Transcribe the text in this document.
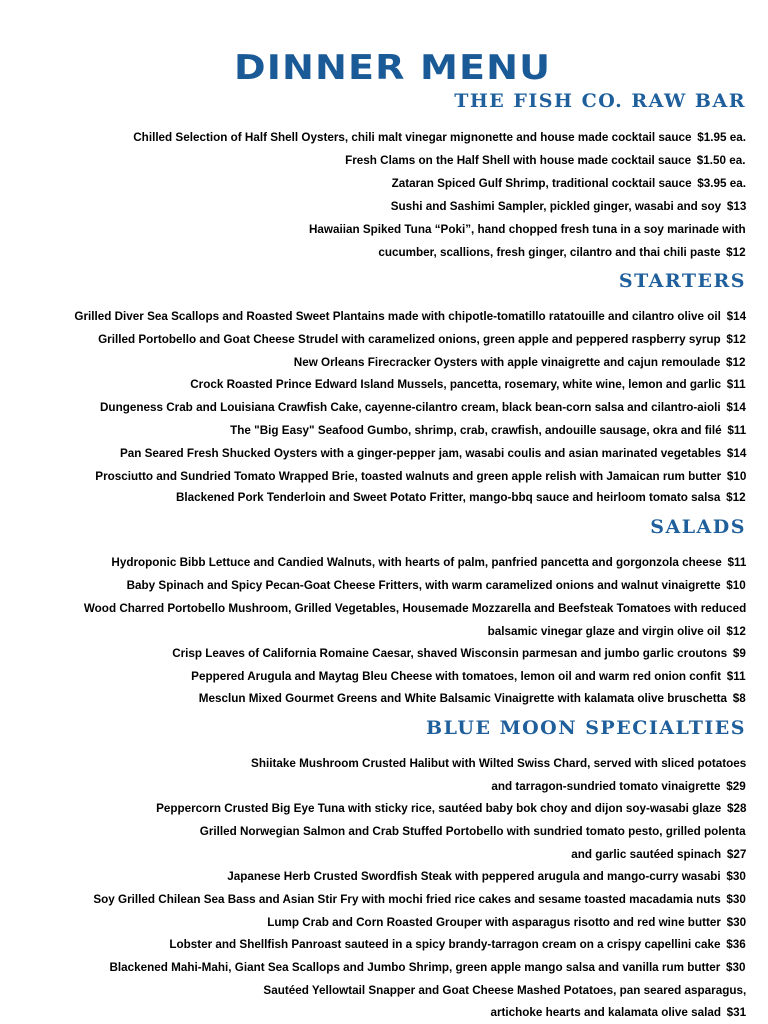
DINNER MENU
THE FISH CO. RAW BAR
Chilled Selection of Half Shell Oysters, chili malt vinegar mignonette and house made cocktail sauce $1.95 ea.
Fresh Clams on the Half Shell with house made cocktail sauce $1.50 ea.
Zataran Spiced Gulf Shrimp, traditional cocktail sauce $3.95 ea.
Sushi and Sashimi Sampler, pickled ginger, wasabi and soy $13
Hawaiian Spiked Tuna “Poki”, hand chopped fresh tuna in a soy marinade with
cucumber, scallions, fresh ginger, cilantro and thai chili paste $12
STARTERS
Grilled Diver Sea Scallops and Roasted Sweet Plantains made with chipotle-tomatillo ratatouille and cilantro olive oil $14
Grilled Portobello and Goat Cheese Strudel with caramelized onions, green apple and peppered raspberry syrup $12
New Orleans Firecracker Oysters with apple vinaigrette and cajun remoulade $12
Crock Roasted Prince Edward Island Mussels, pancetta, rosemary, white wine, lemon and garlic $11
Dungeness Crab and Louisiana Crawfish Cake, cayenne-cilantro cream, black bean-corn salsa and cilantro-aioli $14
The "Big Easy" Seafood Gumbo, shrimp, crab, crawfish, andouille sausage, okra and filé $11
Pan Seared Fresh Shucked Oysters with a ginger-pepper jam, wasabi coulis and asian marinated vegetables $14
Prosciutto and Sundried Tomato Wrapped Brie, toasted walnuts and green apple relish with Jamaican rum butter $10
Blackened Pork Tenderloin and Sweet Potato Fritter, mango-bbq sauce and heirloom tomato salsa $12
SALADS
Hydroponic Bibb Lettuce and Candied Walnuts, with hearts of palm, panfried pancetta and gorgonzola cheese $11
Baby Spinach and Spicy Pecan-Goat Cheese Fritters, with warm caramelized onions and walnut vinaigrette $10
Wood Charred Portobello Mushroom, Grilled Vegetables, Housemade Mozzarella and Beefsteak Tomatoes with reduced
balsamic vinegar glaze and virgin olive oil $12
Crisp Leaves of California Romaine Caesar, shaved Wisconsin parmesan and jumbo garlic croutons $9
Peppered Arugula and Maytag Bleu Cheese with tomatoes, lemon oil and warm red onion confit $11
Mesclun Mixed Gourmet Greens and White Balsamic Vinaigrette with kalamata olive bruschetta $8
BLUE MOON SPECIALTIES
Shiitake Mushroom Crusted Halibut with Wilted Swiss Chard, served with sliced potatoes
and tarragon-sundried tomato vinaigrette $29
Peppercorn Crusted Big Eye Tuna with sticky rice, sautéed baby bok choy and dijon soy-wasabi glaze $28
Grilled Norwegian Salmon and Crab Stuffed Portobello with sundried tomato pesto, grilled polenta
and garlic sautéed spinach $27
Japanese Herb Crusted Swordfish Steak with peppered arugula and mango-curry wasabi $30
Soy Grilled Chilean Sea Bass and Asian Stir Fry with mochi fried rice cakes and sesame toasted macadamia nuts $30
Lump Crab and Corn Roasted Grouper with asparagus risotto and red wine butter $30
Lobster and Shellfish Panroast sauteed in a spicy brandy-tarragon cream on a crispy capellini cake $36
Blackened Mahi-Mahi, Giant Sea Scallops and Jumbo Shrimp, green apple mango salsa and vanilla rum butter $30
Sautéed Yellowtail Snapper and Goat Cheese Mashed Potatoes, pan seared asparagus,
artichoke hearts and kalamata olive salad $31
